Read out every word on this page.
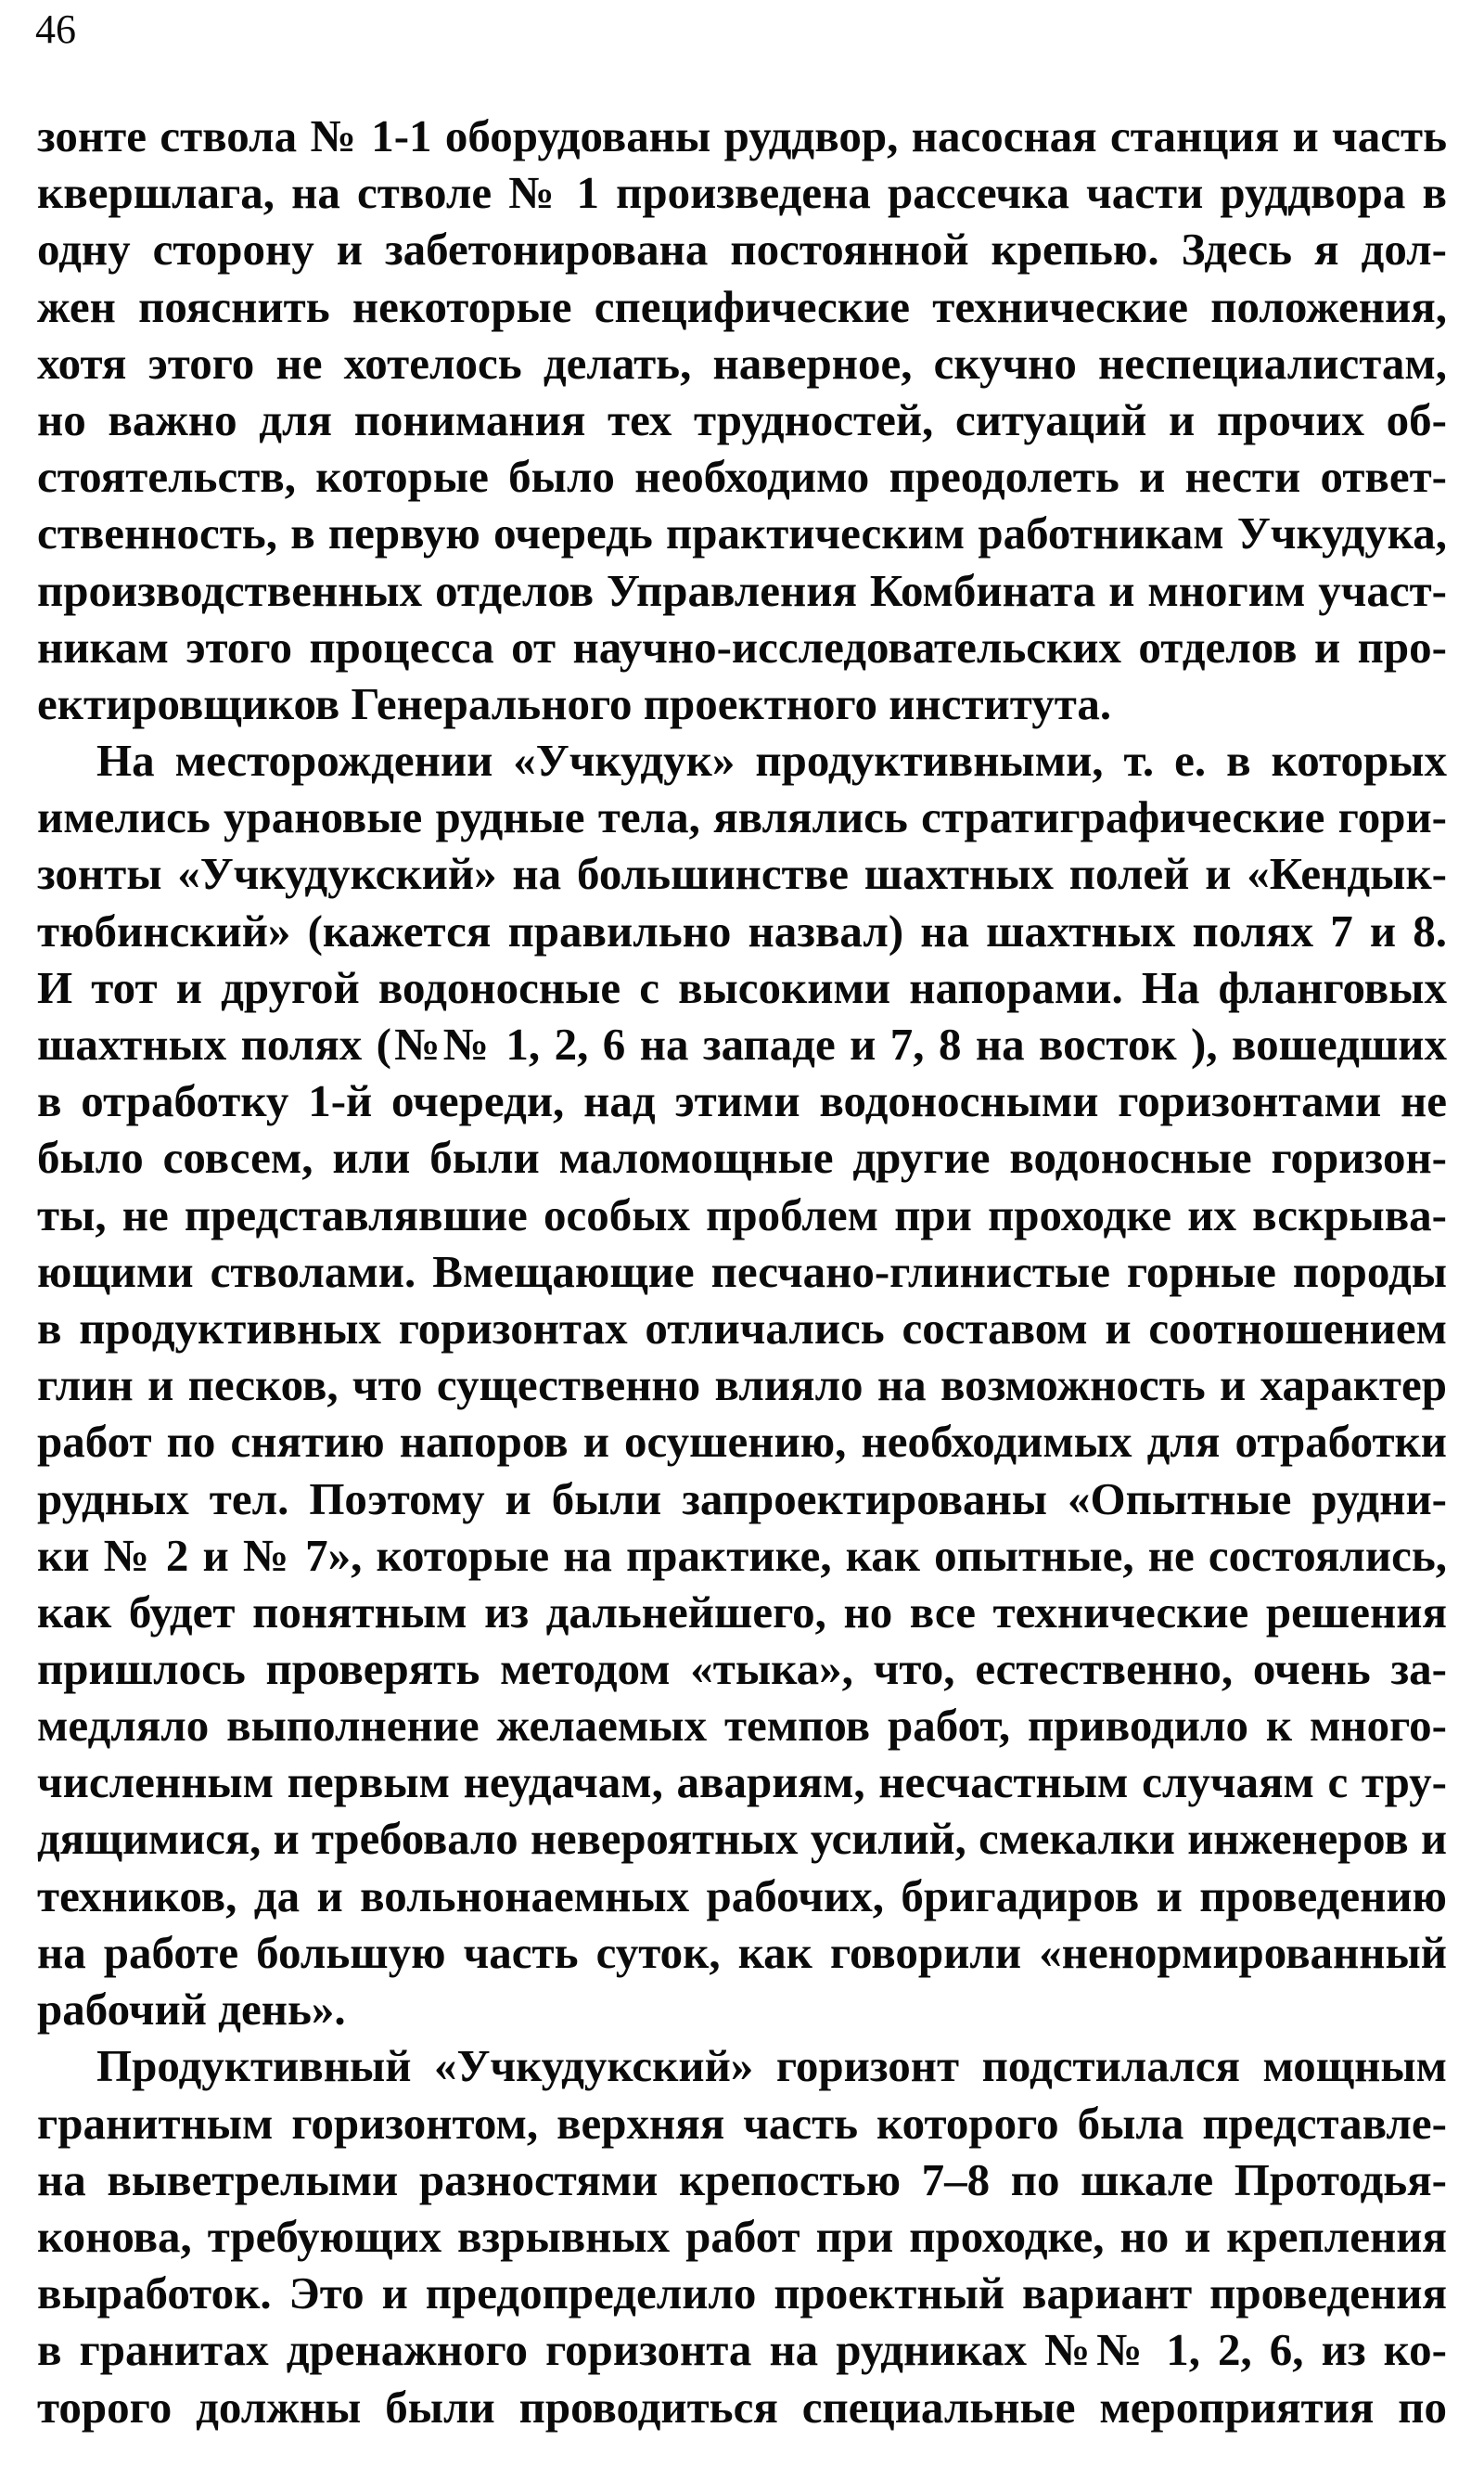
46
зонте ствола № 1-1 оборудованы руддвор, насосная станция и часть
квершлага, на стволе № 1 произведена рассечка части руддвора в
одну сторону и забетонирована постоянной крепью. Здесь я дол-
жен пояснить некоторые специфические технические положения,
хотя этого не хотелось делать, наверное, скучно неспециалистам,
но важно для понимания тех трудностей, ситуаций и прочих об-
стоятельств, которые было необходимо преодолеть и нести ответ-
ственность, в первую очередь практическим работникам Учкудука,
производственных отделов Управления Комбината и многим участ-
никам этого процесса от научно-исследовательских отделов и про-
ектировщиков Генерального проектного института.
На месторождении «Учкудук» продуктивными, т. е. в которых
имелись урановые рудные тела, являлись стратиграфические гори-
зонты «Учкудукский» на большинстве шахтных полей и «Кендык-
тюбинский» (кажется правильно назвал) на шахтных полях 7 и 8.
И тот и другой водоносные с высокими напорами. На фланговых
шахтных полях (№№ 1, 2, 6 на западе и 7, 8 на восток ), вошедших
в отработку 1-й очереди, над этими водоносными горизонтами не
было совсем, или были маломощные другие водоносные горизон-
ты, не представлявшие особых проблем при проходке их вскрыва-
ющими стволами. Вмещающие песчано-глинистые горные породы
в продуктивных горизонтах отличались составом и соотношением
глин и песков, что существенно влияло на возможность и характер
работ по снятию напоров и осушению, необходимых для отработки
рудных тел. Поэтому и были запроектированы «Опытные рудни-
ки № 2 и № 7», которые на практике, как опытные, не состоялись,
как будет понятным из дальнейшего, но все технические решения
пришлось проверять методом «тыка», что, естественно, очень за-
медляло выполнение желаемых темпов работ, приводило к много-
численным первым неудачам, авариям, несчастным случаям с тру-
дящимися, и требовало невероятных усилий, смекалки инженеров и
техников, да и вольнонаемных рабочих, бригадиров и проведению
на работе большую часть суток, как говорили «ненормированный
рабочий день».
Продуктивный «Учкудукский» горизонт подстилался мощным
гранитным горизонтом, верхняя часть которого была представле-
на выветрелыми разностями крепостью 7–8 по шкале Протодья-
конова, требующих взрывных работ при проходке, но и крепления
выработок. Это и предопределило проектный вариант проведения
в гранитах дренажного горизонта на рудниках №№ 1, 2, 6, из ко-
торого должны были проводиться специальные мероприятия по
